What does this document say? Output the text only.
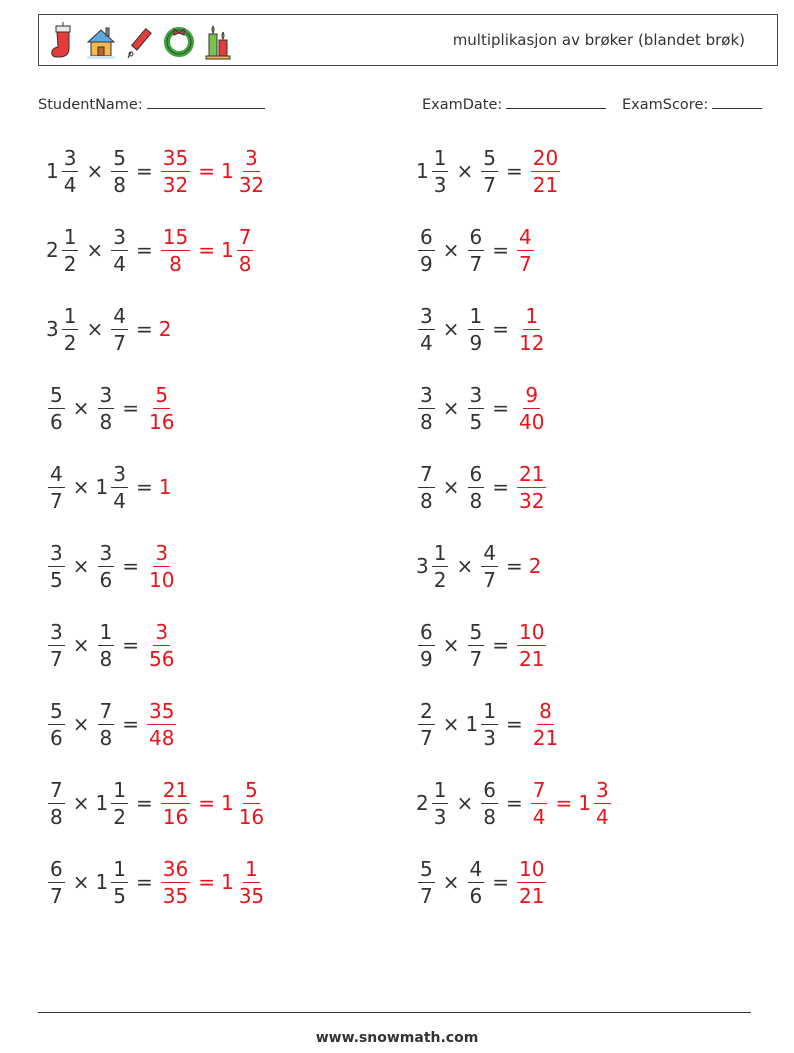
multiplikasjon av brøker (blandet brøk)
StudentName:	ExamDate:	ExamScore:
$1 \frac{3}{4} \times \frac{5}{8} = \frac{35}{32} = 1 \frac{3}{32}$	$1 \frac{1}{3} \times \frac{5}{7} = \frac{20}{21}$
$2 \frac{1}{2} \times \frac{3}{4} = \frac{15}{8} = 1 \frac{7}{8}$	$\frac{6}{9} \times \frac{6}{7} = \frac{4}{7}$
$3 \frac{1}{2} \times \frac{4}{7} = 2$	$\frac{3}{4} \times \frac{1}{9} = \frac{1}{12}$
$\frac{5}{6} \times \frac{3}{8} = \frac{5}{16}$	$\frac{3}{8} \times \frac{3}{5} = \frac{9}{40}$
$\frac{4}{7} \times 1 \frac{3}{4} = 1$	$\frac{7}{8} \times \frac{6}{8} = \frac{21}{32}$
$\frac{3}{5} \times \frac{3}{6} = \frac{3}{10}$	$3 \frac{1}{2} \times \frac{4}{7} = 2$
$\frac{3}{7} \times \frac{1}{8} = \frac{3}{56}$	$\frac{6}{9} \times \frac{5}{7} = \frac{10}{21}$
$\frac{5}{6} \times \frac{7}{8} = \frac{35}{48}$	$\frac{2}{7} \times 1 \frac{1}{3} = \frac{8}{21}$
$\frac{7}{8} \times 1 \frac{1}{2} = \frac{21}{16} = 1 \frac{5}{16}$	$2 \frac{1}{3} \times \frac{6}{8} = \frac{7}{4} = 1 \frac{3}{4}$
$\frac{6}{7} \times 1 \frac{1}{5} = \frac{36}{35} = 1 \frac{1}{35}$	$\frac{5}{7} \times \frac{4}{6} = \frac{10}{21}$
www.snowmath.com
